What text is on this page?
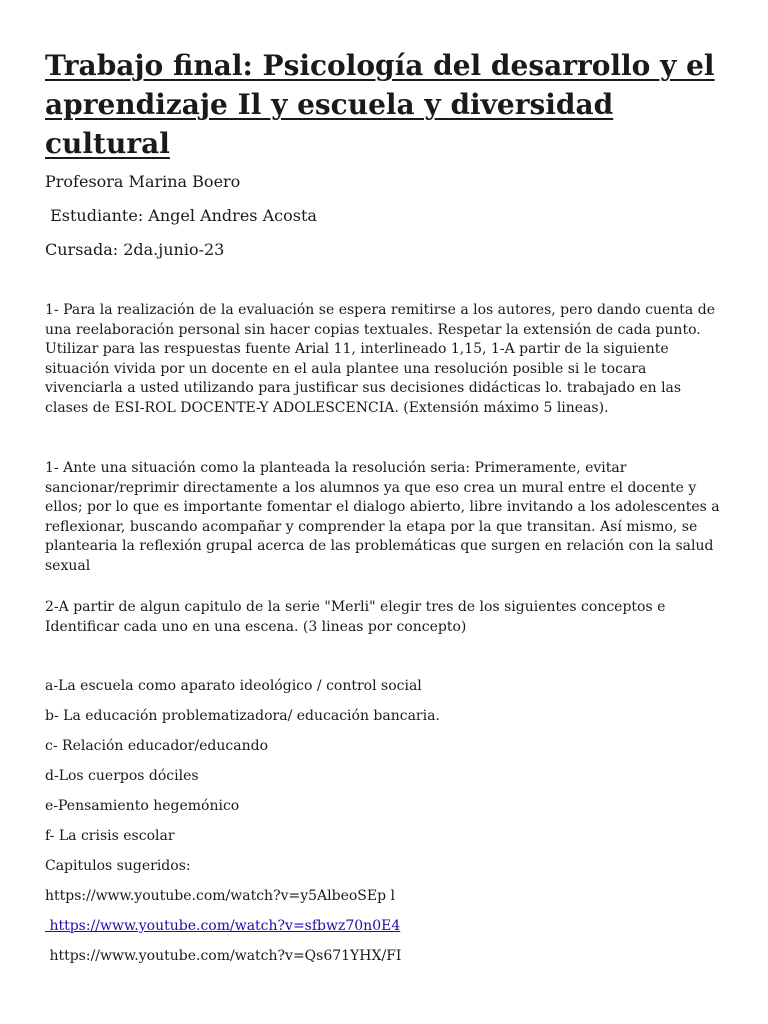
Trabajo final: Psicología del desarrollo y el aprendizaje Il y escuela y diversidad cultural
Profesora Marina Boero
Estudiante: Angel Andres Acosta
Cursada: 2da.junio-23

1- Para la realización de la evaluación se espera remitirse a los autores, pero dando cuenta de una reelaboración personal sin hacer copias textuales. Respetar la extensión de cada punto. Utilizar para las respuestas fuente Arial 11, interlineado 1,15, 1-A partir de la siguiente situación vivida por un docente en el aula plantee una resolución posible si le tocara vivenciarla a usted utilizando para justificar sus decisiones didácticas lo. trabajado en las clases de ESI-ROL DOCENTE-Y ADOLESCENCIA. (Extensión máximo 5 lineas).

1- Ante una situación como la planteada la resolución seria: Primeramente, evitar sancionar/reprimir directamente a los alumnos ya que eso crea un mural entre el docente y ellos; por lo que es importante fomentar el dialogo abierto, libre invitando a los adolescentes a reflexionar, buscando acompañar y comprender la etapa por la que transitan. Así mismo, se plantearia la reflexión grupal acerca de las problemáticas que surgen en relación con la salud sexual

2-A partir de algun capitulo de la serie "Merli" elegir tres de los siguientes conceptos e Identificar cada uno en una escena. (3 lineas por concepto)

a-La escuela como aparato ideológico / control social
b- La educación problematizadora/ educación bancaria.
c- Relación educador/educando
d-Los cuerpos dóciles
e-Pensamiento hegemónico
f- La crisis escolar
Capitulos sugeridos:
https://www.youtube.com/watch?v=y5AlbeoSEp l
https://www.youtube.com/watch?v=sfbwz70n0E4
https://www.youtube.com/watch?v=Qs671YHX/FI
